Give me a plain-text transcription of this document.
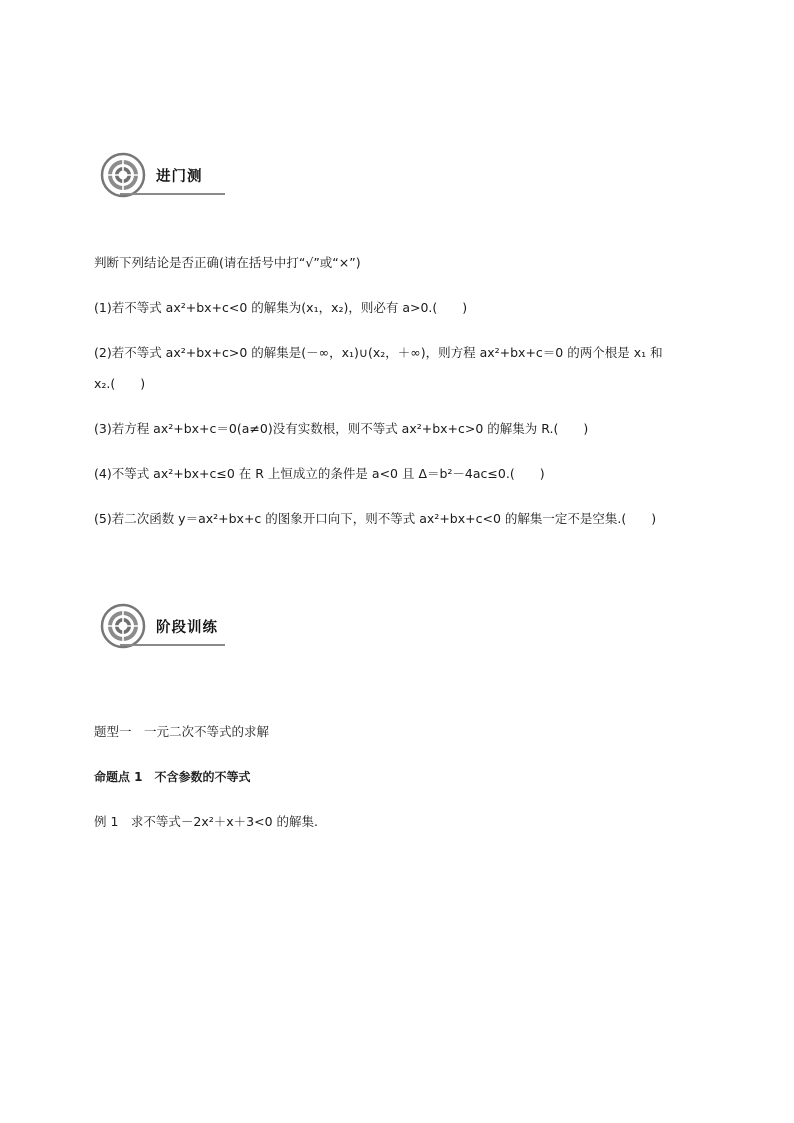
进门测
判断下列结论是否正确(请在括号中打“√”或“×”)
(1)若不等式 ax²+bx+c<0 的解集为(x₁，x₂)，则必有 a>0.(　　)
(2)若不等式 ax²+bx+c>0 的解集是(－∞，x₁)∪(x₂，＋∞)，则方程 ax²+bx+c＝0 的两个根是 x₁ 和
x₂.(　　)
(3)若方程 ax²+bx+c＝0(a≠0)没有实数根，则不等式 ax²+bx+c>0 的解集为 R.(　　)
(4)不等式 ax²+bx+c≤0 在 R 上恒成立的条件是 a<0 且 Δ＝b²－4ac≤0.(　　)
(5)若二次函数 y＝ax²+bx+c 的图象开口向下，则不等式 ax²+bx+c<0 的解集一定不是空集.(　　)
阶段训练
题型一　一元二次不等式的求解
命题点 1　不含参数的不等式
例 1　求不等式－2x²＋x＋3<0 的解集.
